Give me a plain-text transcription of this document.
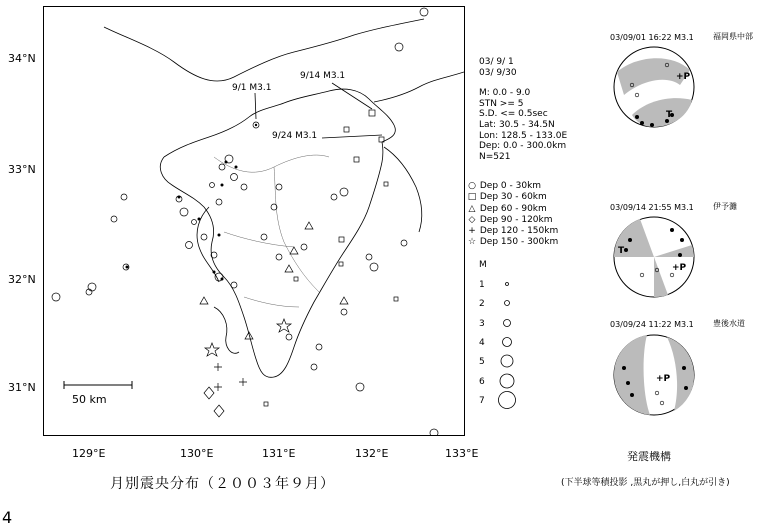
34°N
33°N
32°N
31°N
129°E	130°E	131°E	132°E	133°E
50 km
9/14 M3.1
9/1 M3.1
9/24 M3.1
03/ 9/ 1
03/ 9/30
M: 0.0 - 9.0
STN >= 5
S.D. <= 0.5sec
Lat: 30.5 - 34.5N
Lon: 128.5 - 133.0E
Dep: 0.0 - 300.0km
N=521
○ Dep 0 - 30km
□ Dep 30 - 60km
△ Dep 60 - 90km
◇ Dep 90 - 120km
+ Dep 120 - 150km
☆ Dep 150 - 300km
M
1
2
3
4
5
6
7
03/09/01 16:22 M3.1 福岡県中部
+P
T
03/09/14 21:55 M3.1 伊予灘
T
+P
03/09/24 11:22 M3.1 豊後水道
+P
月別震央分布（２００３年９月）
発震機構
(下半球等積投影 ,黒丸が押し,白丸が引き)
4
